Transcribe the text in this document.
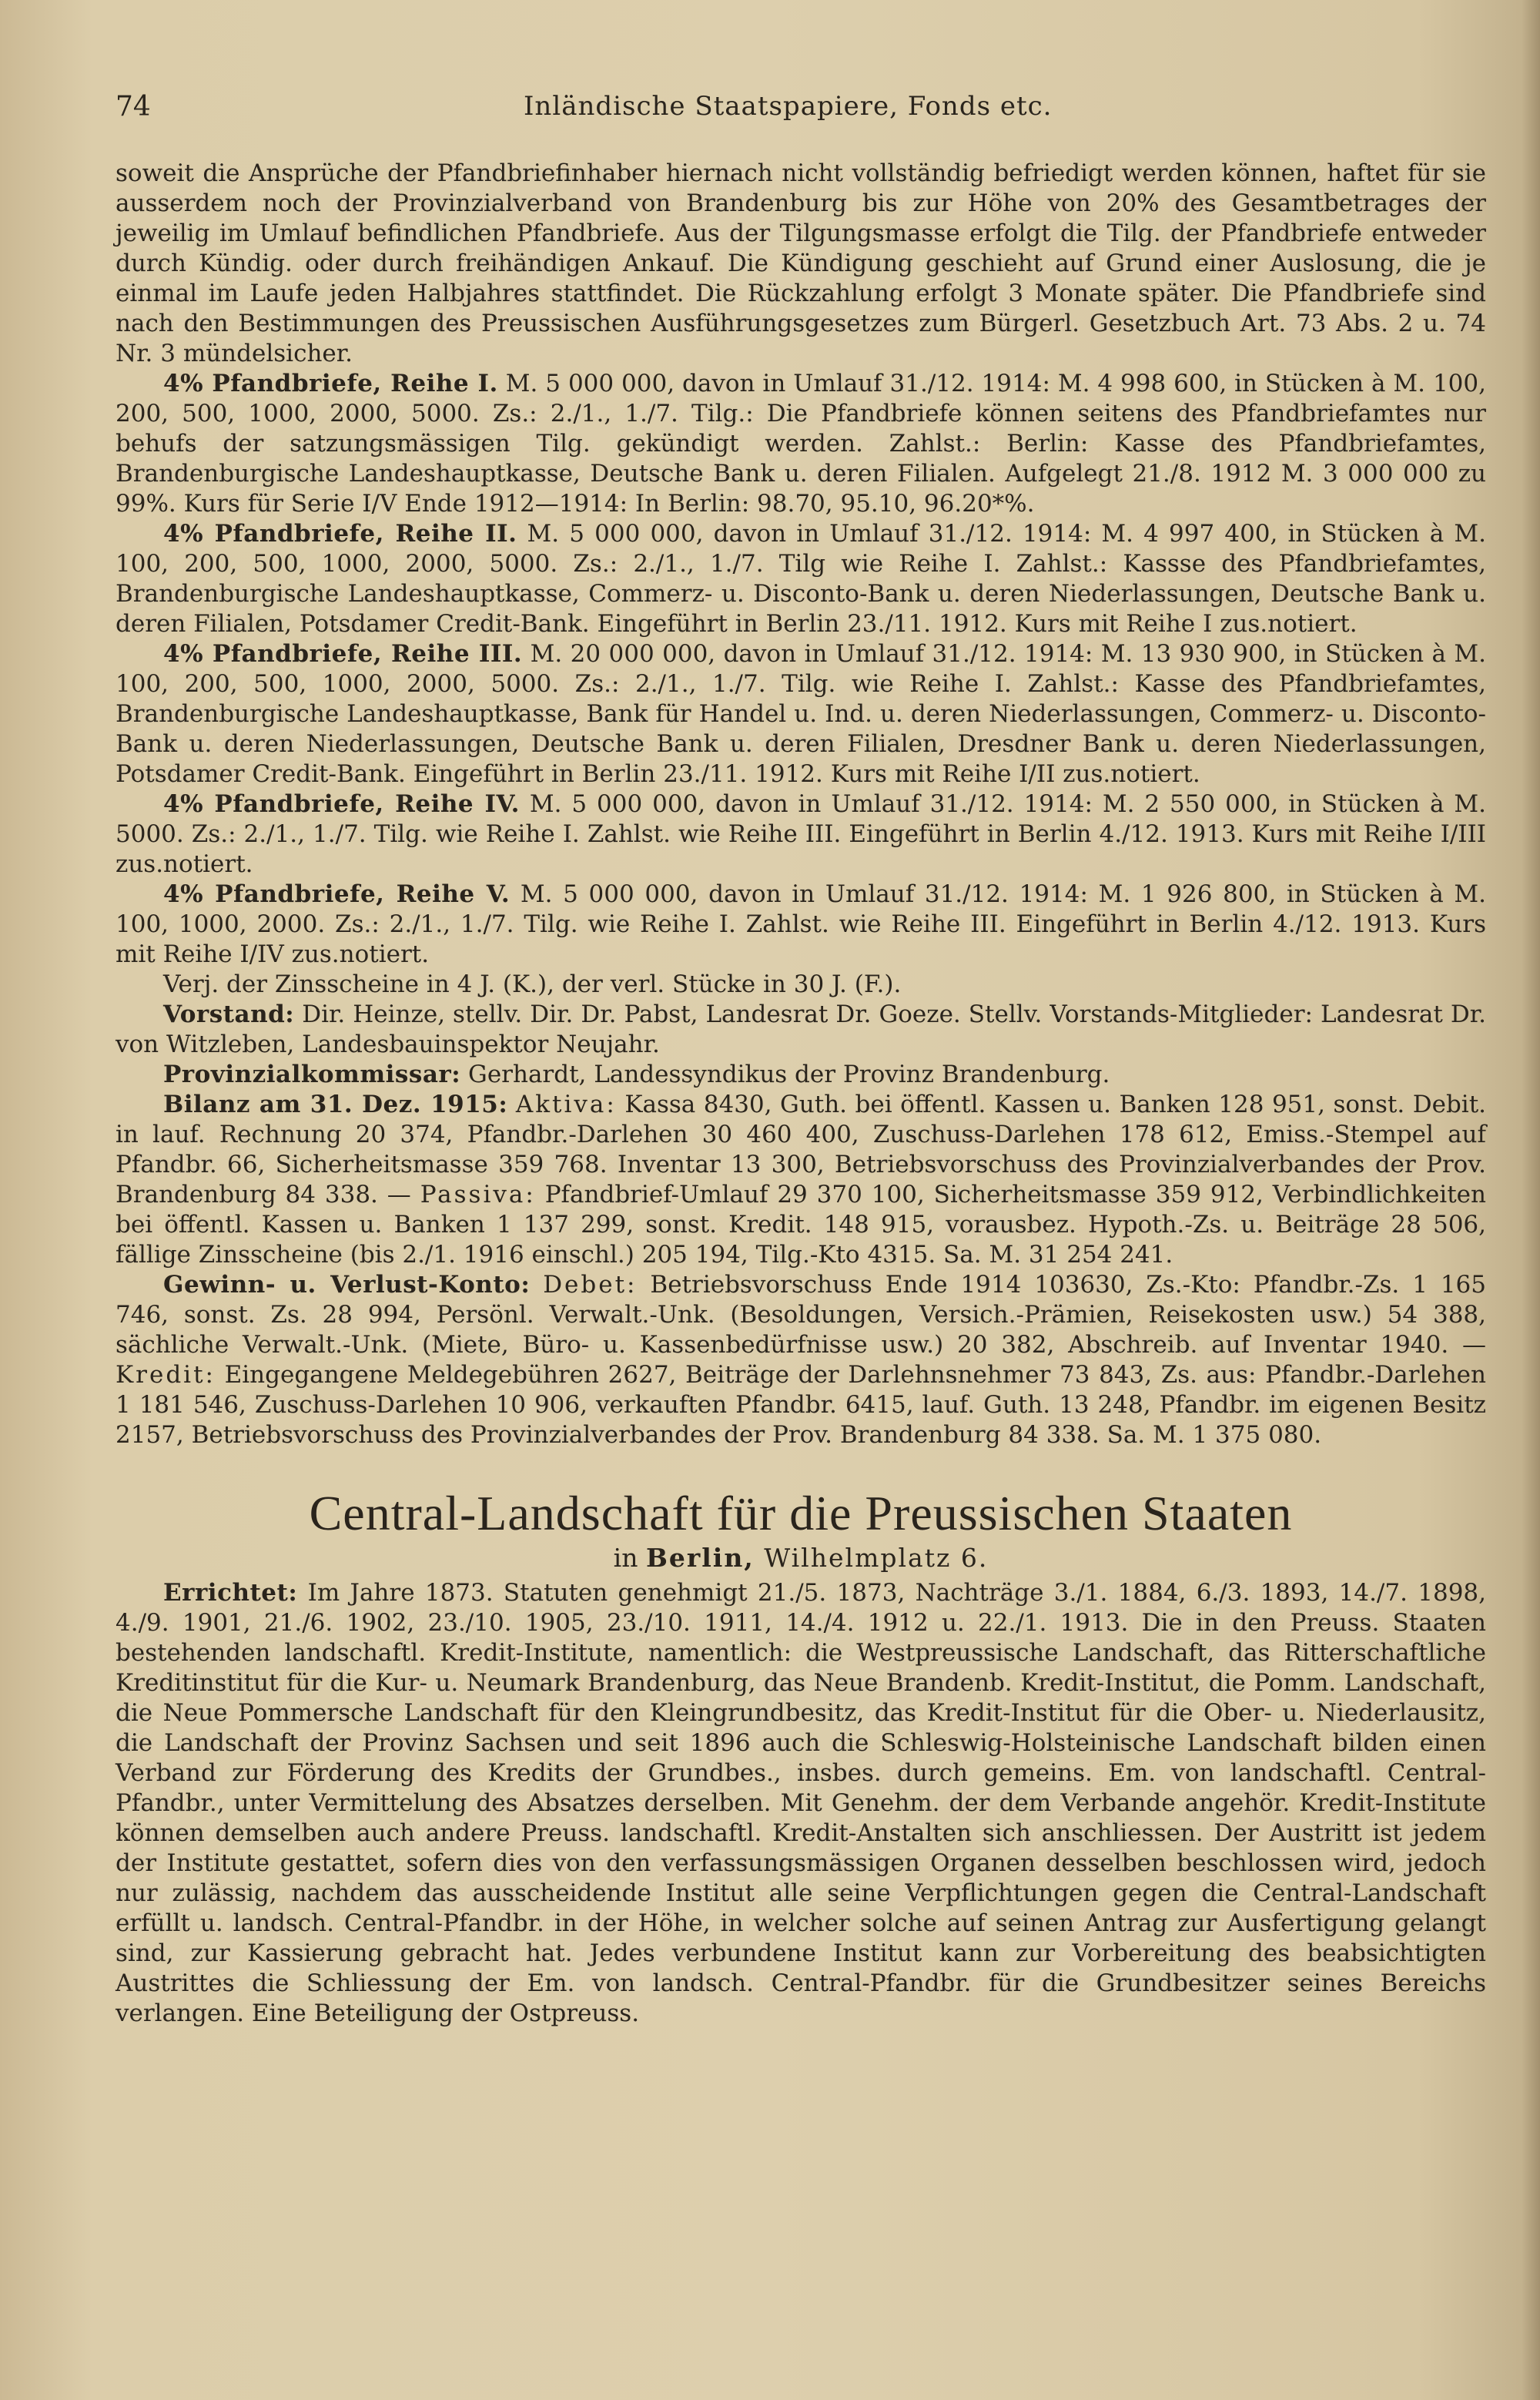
74	Inländische Staatspapiere, Fonds etc.

soweit die Ansprüche der Pfandbriefinhaber hiernach nicht vollständig befriedigt werden können, haftet für sie ausserdem noch der Provinzialverband von Brandenburg bis zur Höhe von 20% des Gesamtbetrages der jeweilig im Umlauf befindlichen Pfandbriefe. Aus der Tilgungsmasse erfolgt die Tilg. der Pfandbriefe entweder durch Kündig. oder durch freihändigen Ankauf. Die Kündigung geschieht auf Grund einer Auslosung, die je einmal im Laufe jeden Halbjahres stattfindet. Die Rückzahlung erfolgt 3 Monate später. Die Pfandbriefe sind nach den Bestimmungen des Preussischen Ausführungsgesetzes zum Bürgerl. Gesetzbuch Art. 73 Abs. 2 u. 74 Nr. 3 mündelsicher.

4% Pfandbriefe, Reihe I. M. 5 000 000, davon in Umlauf 31./12. 1914: M. 4 998 600, in Stücken à M. 100, 200, 500, 1000, 2000, 5000. Zs.: 2./1., 1./7. Tilg.: Die Pfandbriefe können seitens des Pfandbriefamtes nur behufs der satzungsmässigen Tilg. gekündigt werden. Zahlst.: Berlin: Kasse des Pfandbriefamtes, Brandenburgische Landeshauptkasse, Deutsche Bank u. deren Filialen. Aufgelegt 21./8. 1912 M. 3 000 000 zu 99%. Kurs für Serie I/V Ende 1912—1914: In Berlin: 98.70, 95.10, 96.20*%.

4% Pfandbriefe, Reihe II. M. 5 000 000, davon in Umlauf 31./12. 1914: M. 4 997 400, in Stücken à M. 100, 200, 500, 1000, 2000, 5000. Zs.: 2./1., 1./7. Tilg wie Reihe I. Zahlst.: Kassse des Pfandbriefamtes, Brandenburgische Landeshauptkasse, Commerz- u. Disconto-Bank u. deren Niederlassungen, Deutsche Bank u. deren Filialen, Potsdamer Credit-Bank. Eingeführt in Berlin 23./11. 1912. Kurs mit Reihe I zus.notiert.

4% Pfandbriefe, Reihe III. M. 20 000 000, davon in Umlauf 31./12. 1914: M. 13 930 900, in Stücken à M. 100, 200, 500, 1000, 2000, 5000. Zs.: 2./1., 1./7. Tilg. wie Reihe I. Zahlst.: Kasse des Pfandbriefamtes, Brandenburgische Landeshauptkasse, Bank für Handel u. Ind. u. deren Niederlassungen, Commerz- u. Disconto-Bank u. deren Niederlassungen, Deutsche Bank u. deren Filialen, Dresdner Bank u. deren Niederlassungen, Potsdamer Credit-Bank. Eingeführt in Berlin 23./11. 1912. Kurs mit Reihe I/II zus.notiert.

4% Pfandbriefe, Reihe IV. M. 5 000 000, davon in Umlauf 31./12. 1914: M. 2 550 000, in Stücken à M. 5000. Zs.: 2./1., 1./7. Tilg. wie Reihe I. Zahlst. wie Reihe III. Eingeführt in Berlin 4./12. 1913. Kurs mit Reihe I/III zus.notiert.

4% Pfandbriefe, Reihe V. M. 5 000 000, davon in Umlauf 31./12. 1914: M. 1 926 800, in Stücken à M. 100, 1000, 2000. Zs.: 2./1., 1./7. Tilg. wie Reihe I. Zahlst. wie Reihe III. Eingeführt in Berlin 4./12. 1913. Kurs mit Reihe I/IV zus.notiert.

Verj. der Zinsscheine in 4 J. (K.), der verl. Stücke in 30 J. (F.).

Vorstand: Dir. Heinze, stellv. Dir. Dr. Pabst, Landesrat Dr. Goeze. Stellv. Vorstands-Mitglieder: Landesrat Dr. von Witzleben, Landesbauinspektor Neujahr.

Provinzialkommissar: Gerhardt, Landessyndikus der Provinz Brandenburg.

Bilanz am 31. Dez. 1915: Aktiva: Kassa 8430, Guth. bei öffentl. Kassen u. Banken 128 951, sonst. Debit. in lauf. Rechnung 20 374, Pfandbr.-Darlehen 30 460 400, Zuschuss-Darlehen 178 612, Emiss.-Stempel auf Pfandbr. 66, Sicherheitsmasse 359 768. Inventar 13 300, Betriebsvorschuss des Provinzialverbandes der Prov. Brandenburg 84 338. — Passiva: Pfandbrief-Umlauf 29 370 100, Sicherheitsmasse 359 912, Verbindlichkeiten bei öffentl. Kassen u. Banken 1 137 299, sonst. Kredit. 148 915, vorausbez. Hypoth.-Zs. u. Beiträge 28 506, fällige Zinsscheine (bis 2./1. 1916 einschl.) 205 194, Tilg.-Kto 4315. Sa. M. 31 254 241.

Gewinn- u. Verlust-Konto: Debet: Betriebsvorschuss Ende 1914 103630, Zs.-Kto: Pfandbr.-Zs. 1 165 746, sonst. Zs. 28 994, Persönl. Verwalt.-Unk. (Besoldungen, Versich.-Prämien, Reisekosten usw.) 54 388, sächliche Verwalt.-Unk. (Miete, Büro- u. Kassenbedürfnisse usw.) 20 382, Abschreib. auf Inventar 1940. — Kredit: Eingegangene Meldegebühren 2627, Beiträge der Darlehnsnehmer 73 843, Zs. aus: Pfandbr.-Darlehen 1 181 546, Zuschuss-Darlehen 10 906, verkauften Pfandbr. 6415, lauf. Guth. 13 248, Pfandbr. im eigenen Besitz 2157, Betriebsvorschuss des Provinzialverbandes der Prov. Brandenburg 84 338. Sa. M. 1 375 080.

Central-Landschaft für die Preussischen Staaten
in Berlin, Wilhelmplatz 6.

Errichtet: Im Jahre 1873. Statuten genehmigt 21./5. 1873, Nachträge 3./1. 1884, 6./3. 1893, 14./7. 1898, 4./9. 1901, 21./6. 1902, 23./10. 1905, 23./10. 1911, 14./4. 1912 u. 22./1. 1913. Die in den Preuss. Staaten bestehenden landschaftl. Kredit-Institute, namentlich: die Westpreussische Landschaft, das Ritterschaftliche Kreditinstitut für die Kur- u. Neumark Brandenburg, das Neue Brandenb. Kredit-Institut, die Pomm. Landschaft, die Neue Pommersche Landschaft für den Kleingrundbesitz, das Kredit-Institut für die Ober- u. Niederlausitz, die Landschaft der Provinz Sachsen und seit 1896 auch die Schleswig-Holsteinische Landschaft bilden einen Verband zur Förderung des Kredits der Grundbes., insbes. durch gemeins. Em. von landschaftl. Central-Pfandbr., unter Vermittelung des Absatzes derselben. Mit Genehm. der dem Verbande angehör. Kredit-Institute können demselben auch andere Preuss. landschaftl. Kredit-Anstalten sich anschliessen. Der Austritt ist jedem der Institute gestattet, sofern dies von den verfassungsmässigen Organen desselben beschlossen wird, jedoch nur zulässig, nachdem das ausscheidende Institut alle seine Verpflichtungen gegen die Central-Landschaft erfüllt u. landsch. Central-Pfandbr. in der Höhe, in welcher solche auf seinen Antrag zur Ausfertigung gelangt sind, zur Kassierung gebracht hat. Jedes verbundene Institut kann zur Vorbereitung des beabsichtigten Austrittes die Schliessung der Em. von landsch. Central-Pfandbr. für die Grundbesitzer seines Bereichs verlangen. Eine Beteiligung der Ostpreuss.
